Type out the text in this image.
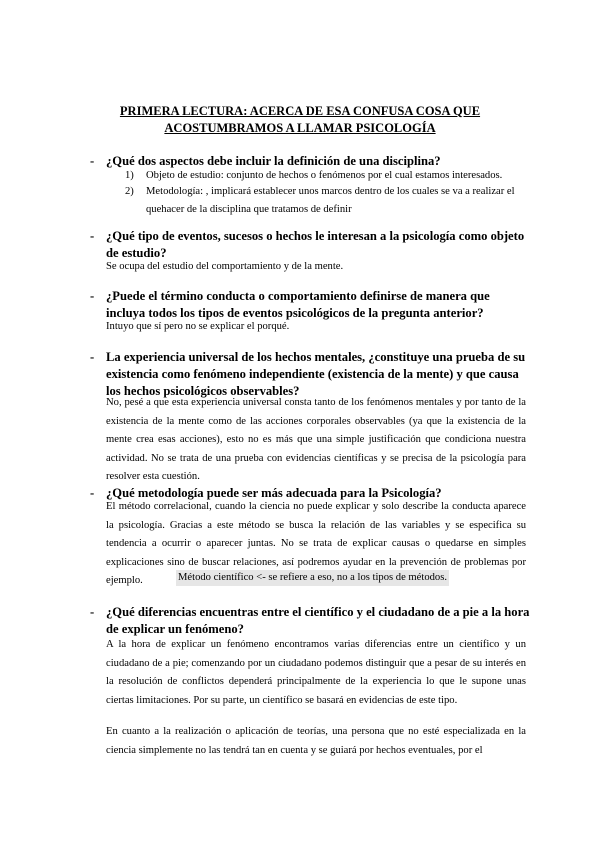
PRIMERA LECTURA: ACERCA DE ESA CONFUSA COSA QUE
ACOSTUMBRAMOS A LLAMAR PSICOLOGÍA
- ¿Qué dos aspectos debe incluir la definición de una disciplina?
1) Objeto de estudio: conjunto de hechos o fenómenos por el cual estamos interesados.
2) Metodología: , implicará establecer unos marcos dentro de los cuales se va a realizar el quehacer de la disciplina que tratamos de definir
- ¿Qué tipo de eventos, sucesos o hechos le interesan a la psicología como objeto de estudio?
Se ocupa del estudio del comportamiento y de la mente.
- ¿Puede el término conducta o comportamiento definirse de manera que incluya todos los tipos de eventos psicológicos de la pregunta anterior?
Intuyo que sí pero no se explicar el porqué.
- La experiencia universal de los hechos mentales, ¿constituye una prueba de su existencia como fenómeno independiente (existencia de la mente) y que causa los hechos psicológicos observables?
No, pesé a que esta experiencia universal consta tanto de los fenómenos mentales y por tanto de la existencia de la mente como de las acciones corporales observables (ya que la existencia de la mente crea esas acciones), esto no es más que una simple justificación que condiciona nuestra actividad. No se trata de una prueba con evidencias científicas y se precisa de la psicología para resolver esta cuestión.
- ¿Qué metodología puede ser más adecuada para la Psicología?
El método correlacional, cuando la ciencia no puede explicar y solo describe la conducta aparece la psicología. Gracias a este método se busca la relación de las variables y se especifica su tendencia a ocurrir o aparecer juntas. No se trata de explicar causas o quedarse en simples explicaciones sino de buscar relaciones, así podremos ayudar en la prevención de problemas por ejemplo.	Método científico <- se refiere a eso, no a los tipos de métodos.
- ¿Qué diferencias encuentras entre el científico y el ciudadano de a pie a la hora de explicar un fenómeno?
A la hora de explicar un fenómeno encontramos varias diferencias entre un científico y un ciudadano de a pie; comenzando por un ciudadano podemos distinguir que a pesar de su interés en la resolución de conflictos dependerá principalmente de la experiencia lo que le supone unas ciertas limitaciones. Por su parte, un científico se basará en evidencias de este tipo.
En cuanto a la realización o aplicación de teorías, una persona que no esté especializada en la ciencia simplemente no las tendrá tan en cuenta y se guiará por hechos eventuales, por el
